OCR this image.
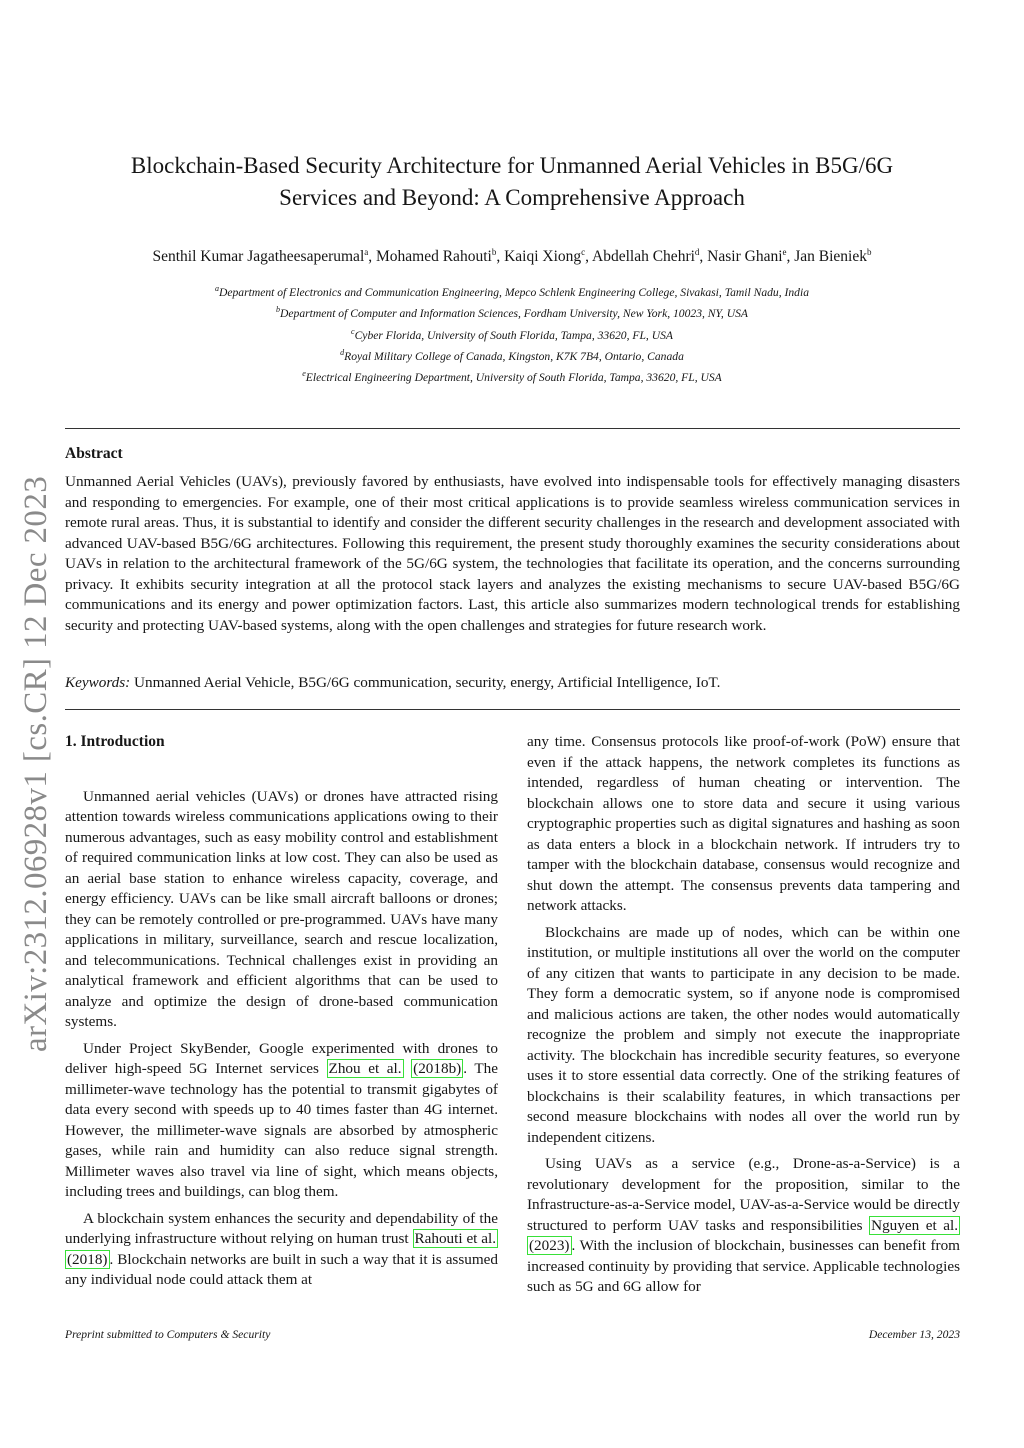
Blockchain-Based Security Architecture for Unmanned Aerial Vehicles in B5G/6G
Services and Beyond: A Comprehensive Approach
Senthil Kumar Jagatheesaperumal$^a$, Mohamed Rahouti$^b$, Kaiqi Xiong$^c$, Abdellah Chehri$^d$, Nasir Ghani$^e$, Jan Bieniek$^b$
$^a$Department of Electronics and Communication Engineering, Mepco Schlenk Engineering College, Sivakasi, Tamil Nadu, India
$^b$Department of Computer and Information Sciences, Fordham University, New York, 10023, NY, USA
$^c$Cyber Florida, University of South Florida, Tampa, 33620, FL, USA
$^d$Royal Military College of Canada, Kingston, K7K 7B4, Ontario, Canada
$^e$Electrical Engineering Department, University of South Florida, Tampa, 33620, FL, USA
arXiv:2312.06928v1 [cs.CR] 12 Dec 2023
Abstract
Unmanned Aerial Vehicles (UAVs), previously favored by enthusiasts, have evolved into indispensable tools for effectively managing disasters and responding to emergencies. For example, one of their most critical applications is to provide seamless wireless communication services in remote rural areas. Thus, it is substantial to identify and consider the different security challenges in the research and development associated with advanced UAV-based B5G/6G architectures. Following this requirement, the present study thoroughly examines the security considerations about UAVs in relation to the architectural framework of the 5G/6G system, the technologies that facilitate its operation, and the concerns surrounding privacy. It exhibits security integration at all the protocol stack layers and analyzes the existing mechanisms to secure UAV-based B5G/6G communications and its energy and power optimization factors. Last, this article also summarizes modern technological trends for establishing security and protecting UAV-based systems, along with the open challenges and strategies for future research work.
Keywords: Unmanned Aerial Vehicle, B5G/6G communication, security, energy, Artificial Intelligence, IoT.
1. Introduction

Unmanned aerial vehicles (UAVs) or drones have attracted rising attention towards wireless communications applications owing to their numerous advantages, such as easy mobility control and establishment of required communication links at low cost. They can also be used as an aerial base station to enhance wireless capacity, coverage, and energy efficiency. UAVs can be like small aircraft balloons or drones; they can be remotely controlled or pre-programmed. UAVs have many applications in military, surveillance, search and rescue localization, and telecommunications. Technical challenges exist in providing an analytical framework and efficient algorithms that can be used to analyze and optimize the design of drone-based communication systems.

Under Project SkyBender, Google experimented with drones to deliver high-speed 5G Internet services Zhou et al. (2018b) . The millimeter-wave technology has the potential to transmit gigabytes of data every second with speeds up to 40 times faster than 4G internet. However, the millimeter-wave signals are absorbed by atmospheric gases, while rain and humidity can also reduce signal strength. Millimeter waves also travel via line of sight, which means objects, including trees and buildings, can blog them.

A blockchain system enhances the security and dependability of the underlying infrastructure without relying on human trust Rahouti et al. (2018) . Blockchain networks are built in such a way that it is assumed any individual node could attack them at

any time. Consensus protocols like proof-of-work (PoW) ensure that even if the attack happens, the network completes its functions as intended, regardless of human cheating or intervention. The blockchain allows one to store data and secure it using various cryptographic properties such as digital signatures and hashing as soon as data enters a block in a blockchain network. If intruders try to tamper with the blockchain database, consensus would recognize and shut down the attempt. The consensus prevents data tampering and network attacks.

Blockchains are made up of nodes, which can be within one institution, or multiple institutions all over the world on the computer of any citizen that wants to participate in any decision to be made. They form a democratic system, so if anyone node is compromised and malicious actions are taken, the other nodes would automatically recognize the problem and simply not execute the inappropriate activity. The blockchain has incredible security features, so everyone uses it to store essential data correctly. One of the striking features of blockchains is their scalability features, in which transactions per second measure blockchains with nodes all over the world run by independent citizens.

Using UAVs as a service (e.g., Drone-as-a-Service) is a revolutionary development for the proposition, similar to the Infrastructure-as-a-Service model, UAV-as-a-Service would be directly structured to perform UAV tasks and responsibilities Nguyen et al. (2023) . With the inclusion of blockchain, businesses can benefit from increased continuity by providing that service. Applicable technologies such as 5G and 6G allow for

Preprint submitted to Computers & Security	December 13, 2023
